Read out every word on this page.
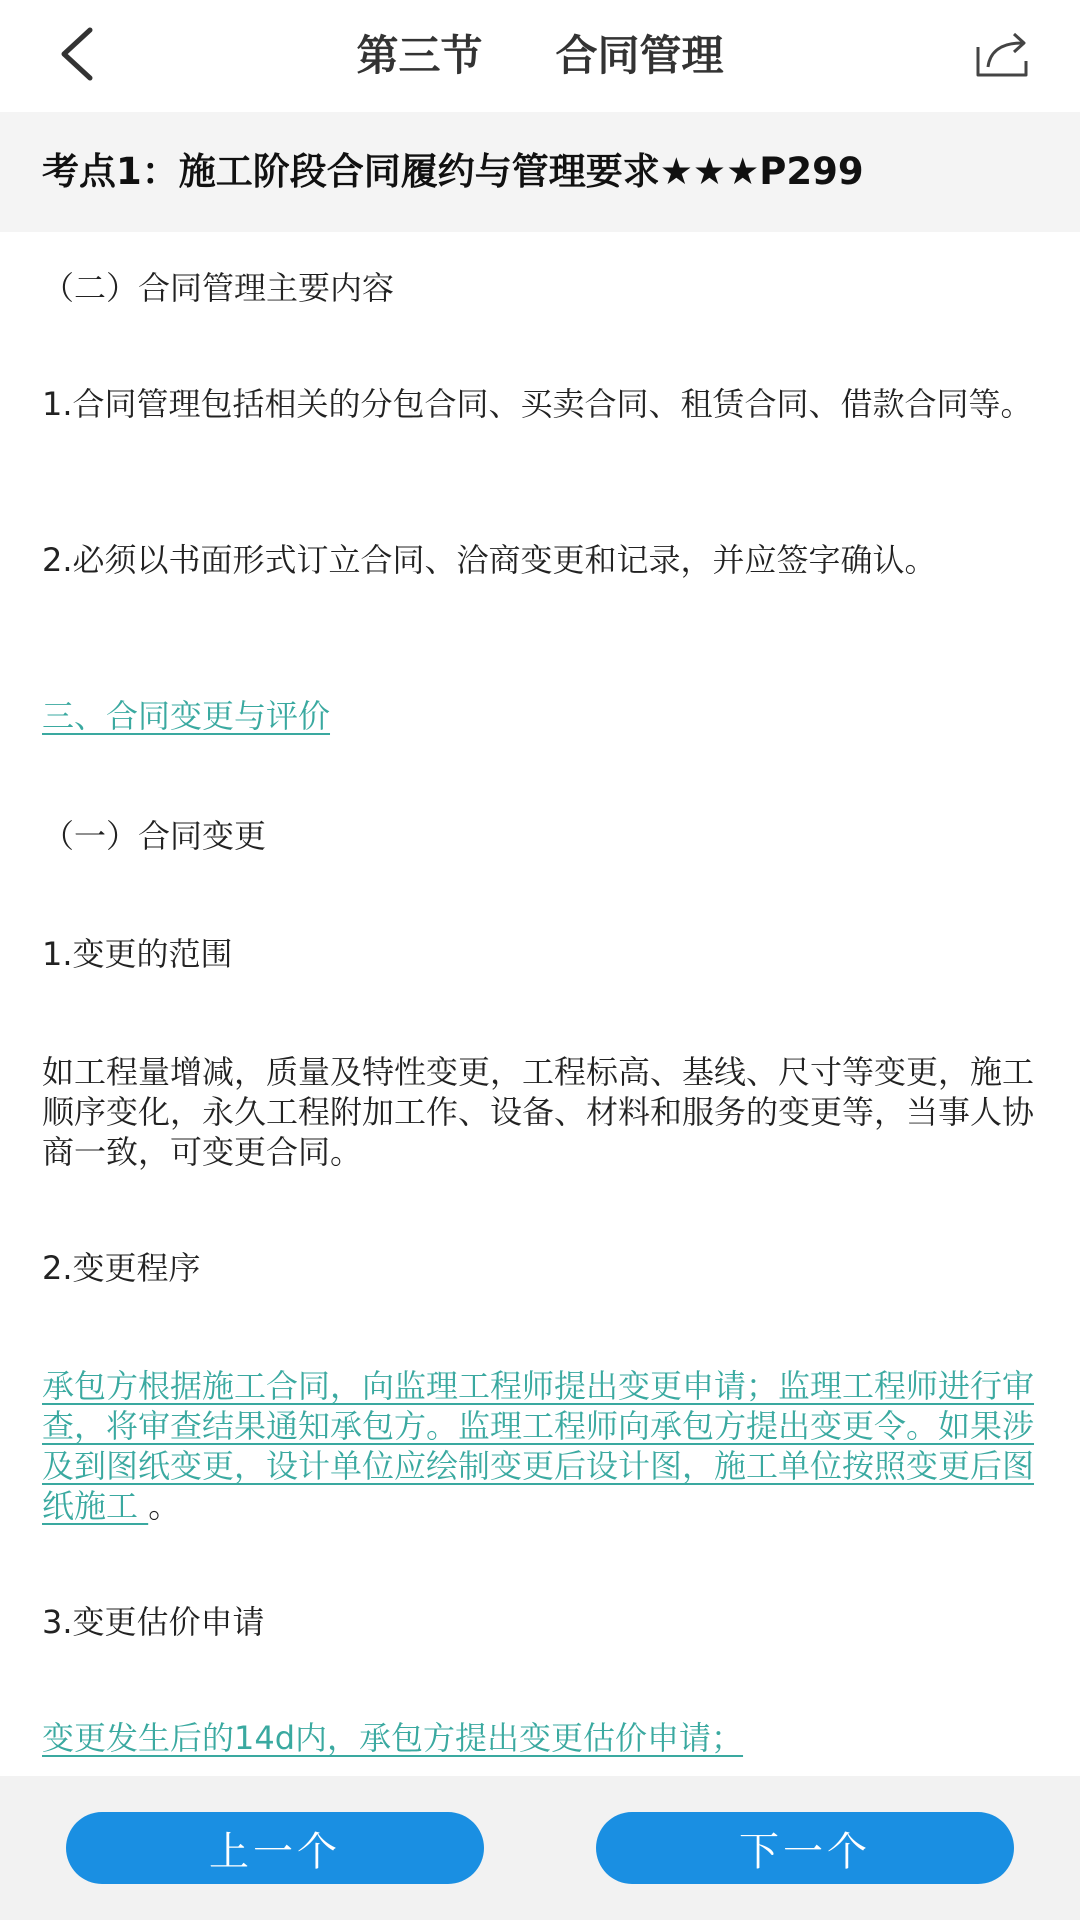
第三节     合同管理
考点1：施工阶段合同履约与管理要求★★★P299
（二）合同管理主要内容
1.合同管理包括相关的分包合同、买卖合同、租赁合同、借款合同等。
2.必须以书面形式订立合同、洽商变更和记录，并应签字确认。
三、合同变更与评价
（一）合同变更
1.变更的范围
如工程量增减，质量及特性变更，工程标高、基线、尺寸等变更，施工顺序变化，永久工程附加工作、设备、材料和服务的变更等，当事人协商一致，可变更合同。
2.变更程序
承包方根据施工合同，向监理工程师提出变更申请；监理工程师进行审查，将审查结果通知承包方。监理工程师向承包方提出变更令。如果涉及到图纸变更，设计单位应绘制变更后设计图，施工单位按照变更后图纸施工 。
3.变更估价申请
变更发生后的14d内，承包方提出变更估价申请；
上一个	下一个
